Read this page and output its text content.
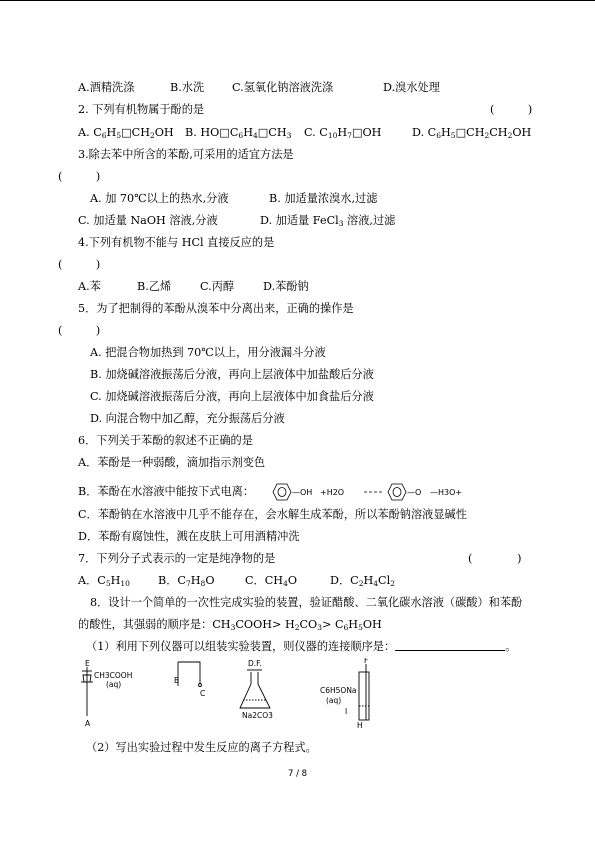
A.酒精洗涤	B.水洗 C.氢氧化钠溶液洗涤	D.溴水处理
2. 下列有机物属于酚的是	(　　　)
A. $C_6H_5□CH_2OH$ B. $HO□C_6H_4□CH_3$ C. $C_{10}H_7□OH$	D. $C_6H_5□CH_2CH_2OH$
3.除去苯中所含的苯酚,可采用的适宜方法是
(　　　)
A. 加 70℃以上的热水,分液	B. 加适量浓溴水,过滤
C. 加适量 NaOH 溶液,分液	D. 加适量 FeCl$_3$ 溶液,过滤
4.下列有机物不能与 HCl 直接反应的是
(　　　)
A.苯	B.乙烯	C.丙醇	D.苯酚钠
5．为了把制得的苯酚从溴苯中分离出来，正确的操作是
(　　　)
A. 把混合物加热到 70℃以上，用分液漏斗分液
B. 加烧碱溶液振荡后分液，再向上层液体中加盐酸后分液
C. 加烧碱溶液振荡后分液，再向上层液体中加食盐后分液
D. 向混合物中加乙醇，充分振荡后分液
6．下列关于苯酚的叙述不正确的是
A．苯酚是一种弱酸，滴加指示剂变色
B．苯酚在水溶液中能按下式电离：	—OH +H2O	—O —H3O+
C．苯酚钠在水溶液中几乎不能存在，会水解生成苯酚，所以苯酚钠溶液显碱性
D．苯酚有腐蚀性，溅在皮肤上可用酒精冲洗
7．下列分子式表示的一定是纯净物的是	(　　　　)
A．$C_5H_{10}$	B．$C_7H_8O$	C．$CH_4O$	D．$C_2H_4Cl_2$
8．设计一个简单的一次性完成实验的装置，验证醋酸、二氧化碳水溶液（碳酸）和苯酚
的酸性，其强弱的顺序是：$CH_3COOH> H_2CO_3> C_6H_5OH$
（1）利用下列仪器可以组装实验装置，则仪器的连接顺序是：	。
E
CH3COOH
(aq)
A
B
C
D.F.
Na2CO3
F
C6H5ONa
(aq)
I
H
（2）写出实验过程中发生反应的离子方程式。
7 / 8
